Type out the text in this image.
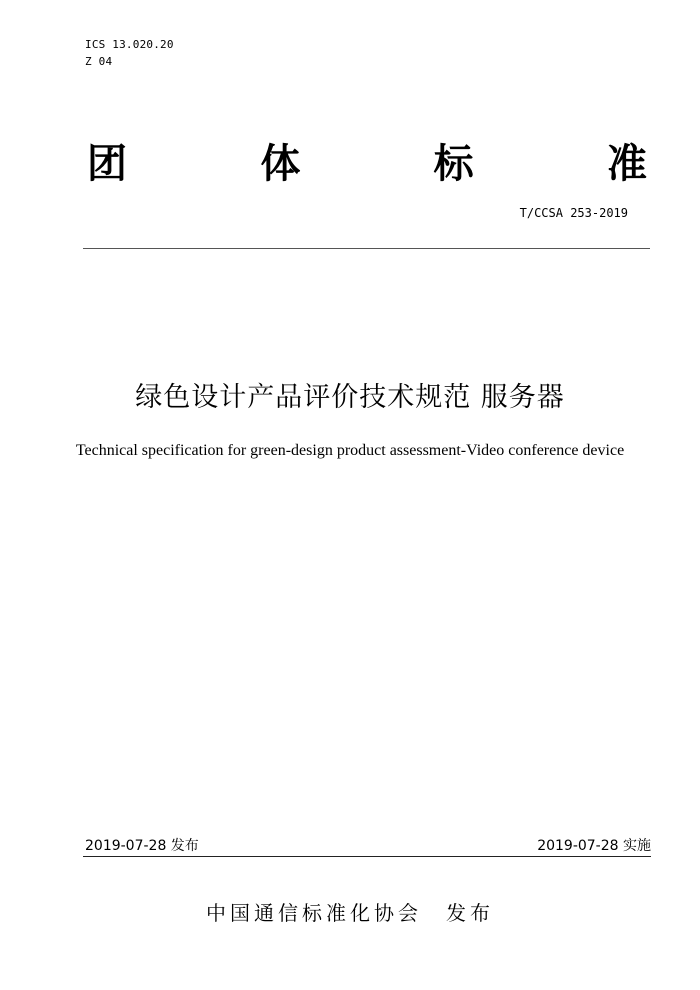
ICS 13.020.20
Z 04
团	体	标	准
T/CCSA 253-2019
绿色设计产品评价技术规范 服务器
Technical specification for green-design product assessment-Video conference device
2019-07-28 发布	2019-07-28 实施
中国通信标准化协会　发布
